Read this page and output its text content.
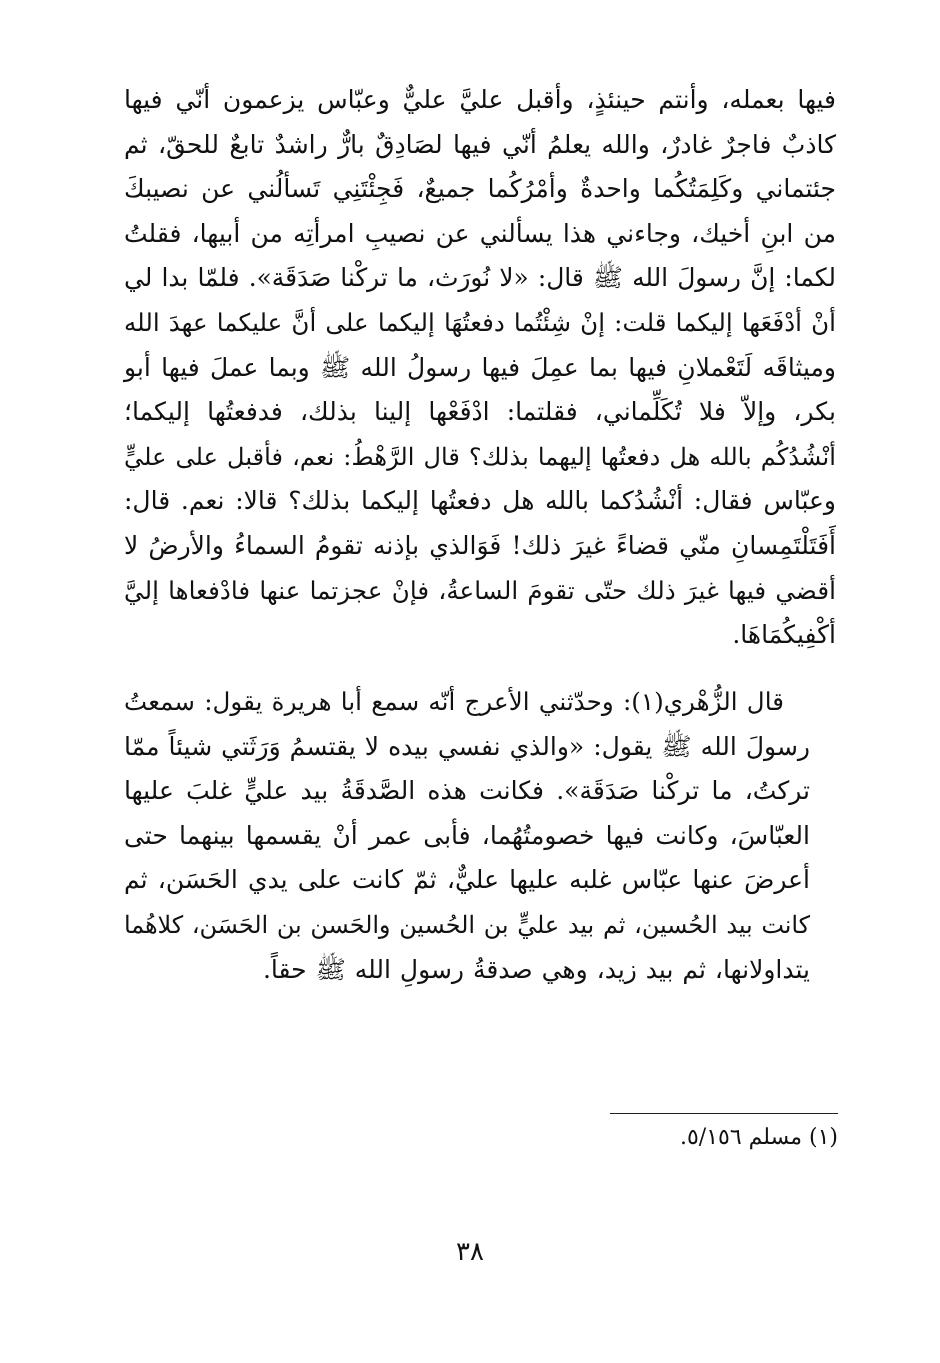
فيها بعمله، وأنتم حينئذٍ، وأقبل عليَّ عليٌّ وعبّاس يزعمون أنّي فيها
كاذبٌ فاجرٌ غادرٌ، والله يعلمُ أنّي فيها لصَادِقٌ بارٌّ راشدٌ تابعٌ للحقّ، ثم
جئتماني وكَلِمَتُكُما واحدةٌ وأمْرُكُما جميعٌ، فَجِئْتَنِي تَسألُني عن نصيبكَ
من ابنِ أخيك، وجاءني هذا يسألني عن نصيبِ امرأتِه من أبيها، فقلتُ
لكما: إنَّ رسولَ الله ﷺ قال: «لا نُورَث، ما تركْنا صَدَقَة». فلمّا بدا لي
أنْ أدْفَعَها إليكما قلت: إنْ شِئْتُما دفعتُهَا إليكما على أنَّ عليكما عهدَ الله
وميثاقَه لَتَعْملانِ فيها بما عمِلَ فيها رسولُ الله ﷺ وبما عملَ فيها أبو
بكر، وإلاّ فلا تُكَلِّماني، فقلتما: ادْفَعْها إلينا بذلك، فدفعتُها إليكما؛
أنْشُدُكُم بالله هل دفعتُها إليهما بذلك؟ قال الرَّهْطُ: نعم، فأقبل على عليٍّ
وعبّاس فقال: أنْشُدُكما بالله هل دفعتُها إليكما بذلك؟ قالا: نعم. قال:
أَفَتَلْتَمِسانِ منّي قضاءً غيرَ ذلك! فَوَالذي بإذنه تقومُ السماءُ والأرضُ لا
أقضي فيها غيرَ ذلك حتّى تقومَ الساعةُ، فإنْ عجزتما عنها فادْفعاها إليَّ
أكْفِيكُمَاهَا.
قال الزُّهْري(١): وحدّثني الأعرج أنّه سمع أبا هريرة يقول: سمعتُ
رسولَ الله ﷺ يقول: «والذي نفسي بيده لا يقتسمُ وَرَثَتي شيئاً ممّا
تركتُ، ما تركْنا صَدَقَة». فكانت هذه الصَّدقَةُ بيد عليٍّ غلبَ عليها
العبّاسَ، وكانت فيها خصومتُهُما، فأبى عمر أنْ يقسمها بينهما حتى
أعرضَ عنها عبّاس غلبه عليها عليٌّ، ثمّ كانت على يدي الحَسَن، ثم
كانت بيد الحُسين، ثم بيد عليٍّ بن الحُسين والحَسن بن الحَسَن، كلاهُما
يتداولانها، ثم بيد زيد، وهي صدقةُ رسولِ الله ﷺ حقاً.
(١) مسلم ٥/١٥٦.
٣٨
